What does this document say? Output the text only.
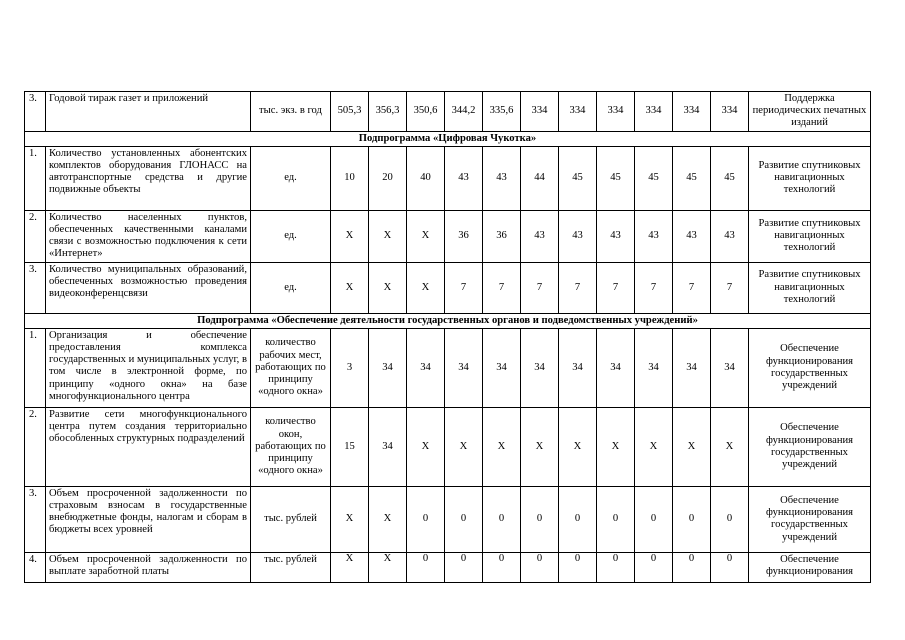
3.	Годовой тираж газет и приложений	тыс. экз. в год	505,3	356,3	350,6	344,2	335,6	334	334	334	334	334	334	Поддержка периодических печатных изданий
Подпрограмма «Цифровая Чукотка»														
1.	Количество установленных абонентских комплектов оборудования ГЛОНАСС на автотранспортные средства и другие подвижные объекты	ед.	10	20	40	43	43	44	45	45	45	45	45	Развитие спутниковых навигационных технологий
2.	Количество населенных пунктов, обеспеченных качественными каналами связи с возможностью подключения к сети «Интернет»	ед.	X	X	X	36	36	43	43	43	43	43	43	Развитие спутниковых навигационных технологий
3.	Количество муниципальных образований, обеспеченных возможностью проведения видеоконференцсвязи	ед.	X	X	X	7	7	7	7	7	7	7	7	Развитие спутниковых навигационных технологий
Подпрограмма «Обеспечение деятельности государственных органов и подведомственных учреждений»														
1.	Организация и обеспечение предоставления комплекса государственных и муниципальных услуг, в том числе в электронной форме, по принципу «одного окна» на базе многофункционального центра	количество рабочих мест, работающих по принципу «одного окна»	3	34	34	34	34	34	34	34	34	34	34	Обеспечение функционирования государственных учреждений
2.	Развитие сети многофункционального центра путем создания территориально обособленных структурных подразделений	количество окон, работающих по принципу «одного окна»	15	34	X	X	X	X	X	X	X	X	X	Обеспечение функционирования государственных учреждений
3.	Объем просроченной задолженности по страховым взносам в государственные внебюджетные фонды, налогам и сборам в бюджеты всех уровней	тыс. рублей	X	X	0	0	0	0	0	0	0	0	0	Обеспечение функционирования государственных учреждений
4.	Объем просроченной задолженности по выплате заработной платы	тыс. рублей	X	X	0	0	0	0	0	0	0	0	0	Обеспечение функционирования
